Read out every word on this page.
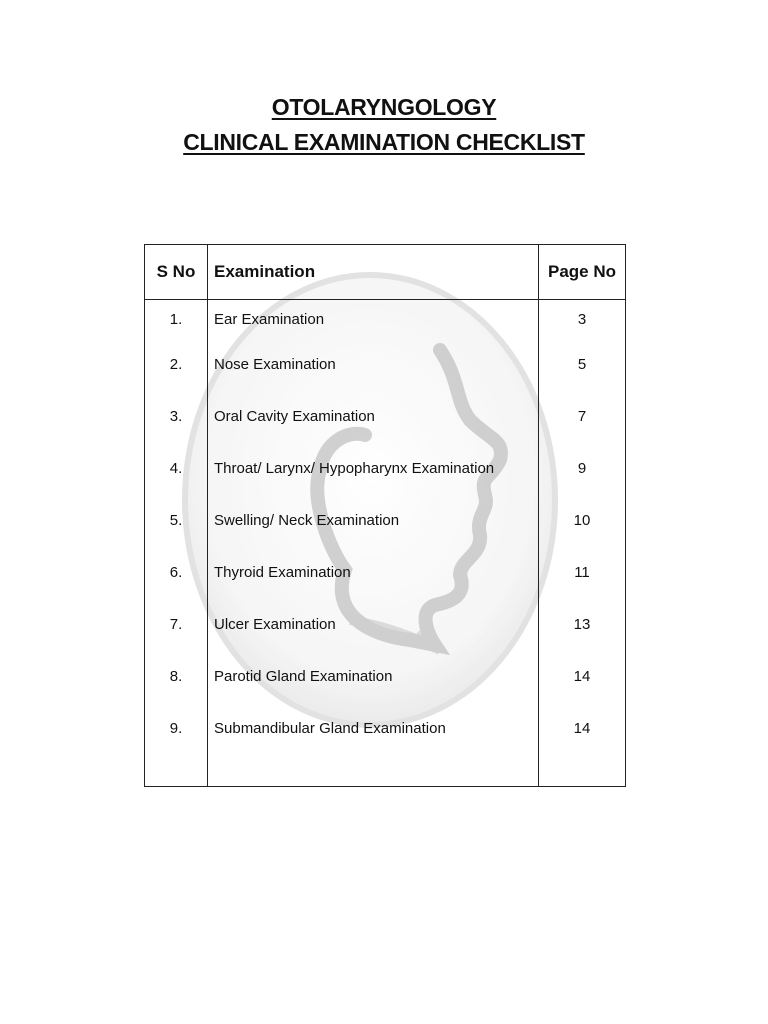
OTOLARYNGOLOGY
CLINICAL EXAMINATION CHECKLIST
S No	Examination	Page No
1.	Ear Examination	3
2.	Nose Examination	5
3.	Oral Cavity Examination	7
4.	Throat/ Larynx/ Hypopharynx Examination	9
5.	Swelling/ Neck Examination	10
6.	Thyroid Examination	11
7.	Ulcer Examination	13
8.	Parotid Gland Examination	14
9.	Submandibular Gland Examination	14
